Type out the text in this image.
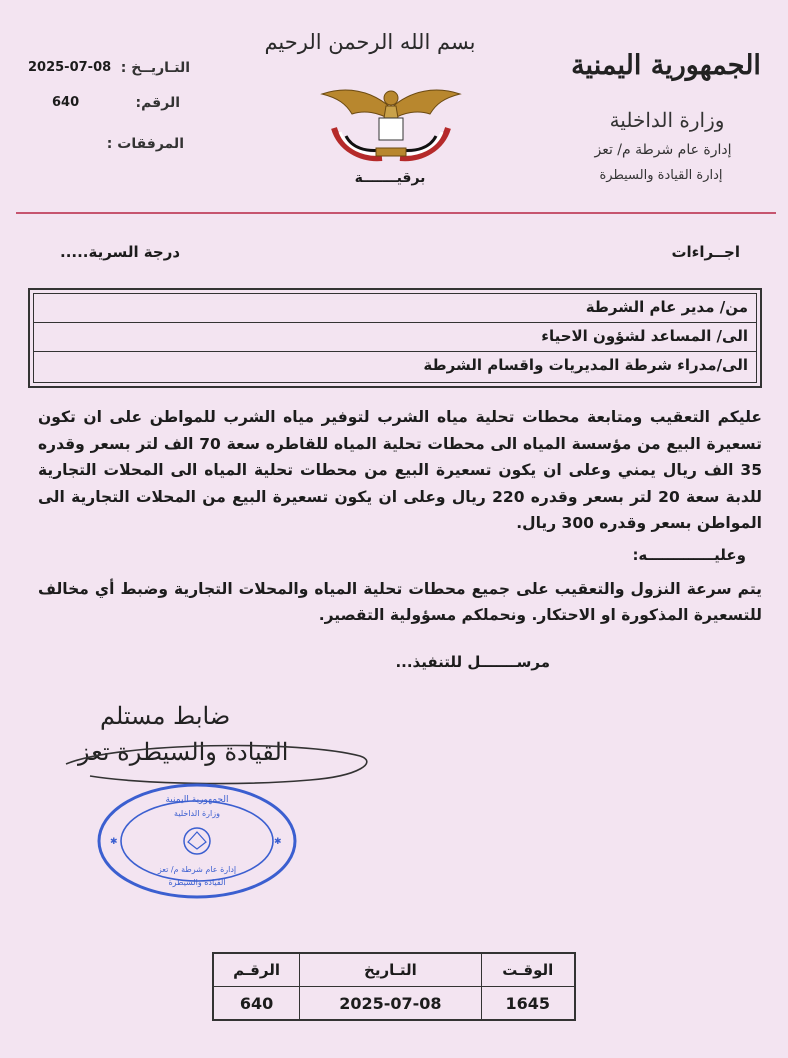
الجمهورية اليمنية
وزارة الداخلية
إدارة عام شرطة م/ تعز
إدارة القيادة والسيطرة
بسم الله الرحمن الرحيم
برقيـــــــة
التـاريــخ :
2025-07-08
الرقم:
640
المرفقات :
درجة السرية.....	اجــراءات
من/ مدير عام الشرطة
الى/ المساعد لشؤون الاحياء
الى/مدراء شرطة المديريات واقسام الشرطة
عليكم التعقيب ومتابعة محطات تحلية مياه الشرب لتوفير مياه الشرب للمواطن على ان تكون تسعيرة البيع من مؤسسة المياه الى محطات تحلية المياه للقاطره سعة 70 الف لتر بسعر وقدره 35 الف ريال يمني وعلى ان يكون تسعيرة البيع من محطات تحلية المياه الى المحلات التجارية للدبة سعة 20 لتر بسعر وقدره 220 ريال وعلى ان يكون تسعيرة البيع من المحلات التجارية الى المواطن بسعر وقدره 300 ريال.
وعليـــــــــــــه:
يتم سرعة النزول والتعقيب على جميع محطات تحلية المياه والمحلات التجارية وضبط أي مخالف للتسعيرة المذكورة او الاحتكار. ونحملكم مسؤولية التقصير.
مرســـــــل للتنفيذ...
ضابط مستلم
القيادة والسيطرة تعز
الجمهورية اليمنية
وزارة الداخلية
إدارة عام شرطة م/ تعز
القيادة والسيطرة
✱	✱
الوقـت	التـاريخ	الرقـم
1645	2025-07-08	640
